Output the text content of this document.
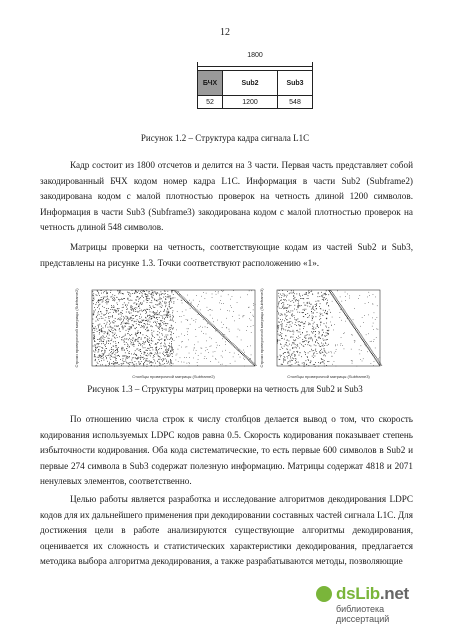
12
1800
БЧХ	Sub2	Sub3
52	1200	548
Рисунок 1.2 – Структура кадра сигнала L1C
Кадр состоит из 1800 отсчетов и делится на 3 части. Первая часть представляет собой закодированный БЧХ кодом номер кадра L1C. Информация в части Sub2 (Subframe2) закодирована кодом с малой плотностью проверок на четность длиной 1200 символов. Информация в части Sub3 (Subframe3) закодирована кодом с малой плотностью проверок на четность длиной 548 символов.
Матрицы проверки на четность, соответствующие кодам из частей Sub2 и Sub3, представлены на рисунке 1.3. Точки соответствуют расположению «1».
Столбцы проверочной матрицы (Subframe2)
Строки проверочной матрицы (Subframe2)
Столбцы проверочной матрицы (Subframe3)
Строки проверочной матрицы (Subframe3)
Рисунок 1.3 – Структуры матриц проверки на четность для Sub2 и Sub3
По отношению числа строк к числу столбцов делается вывод о том, что скорость кодирования используемых LDPC кодов равна 0.5. Скорость кодирования показывает степень избыточности кодирования. Оба кода систематические, то есть первые 600 символов в Sub2 и первые 274 символа в Sub3 содержат полезную информацию. Матрицы содержат 4818 и 2071 ненулевых элементов, соответственно.
Целью работы является разработка и исследование алгоритмов декодирования LDPC кодов для их дальнейшего применения при декодировании составных частей сигнала L1C. Для достижения цели в работе анализируются существующие алгоритмы декодирования, оценивается их сложность и статистических характеристики декодирования, предлагается методика выбора алгоритма декодирования, а также разрабатываются методы, позволяющие
dsLib.net
библиотека диссертаций
